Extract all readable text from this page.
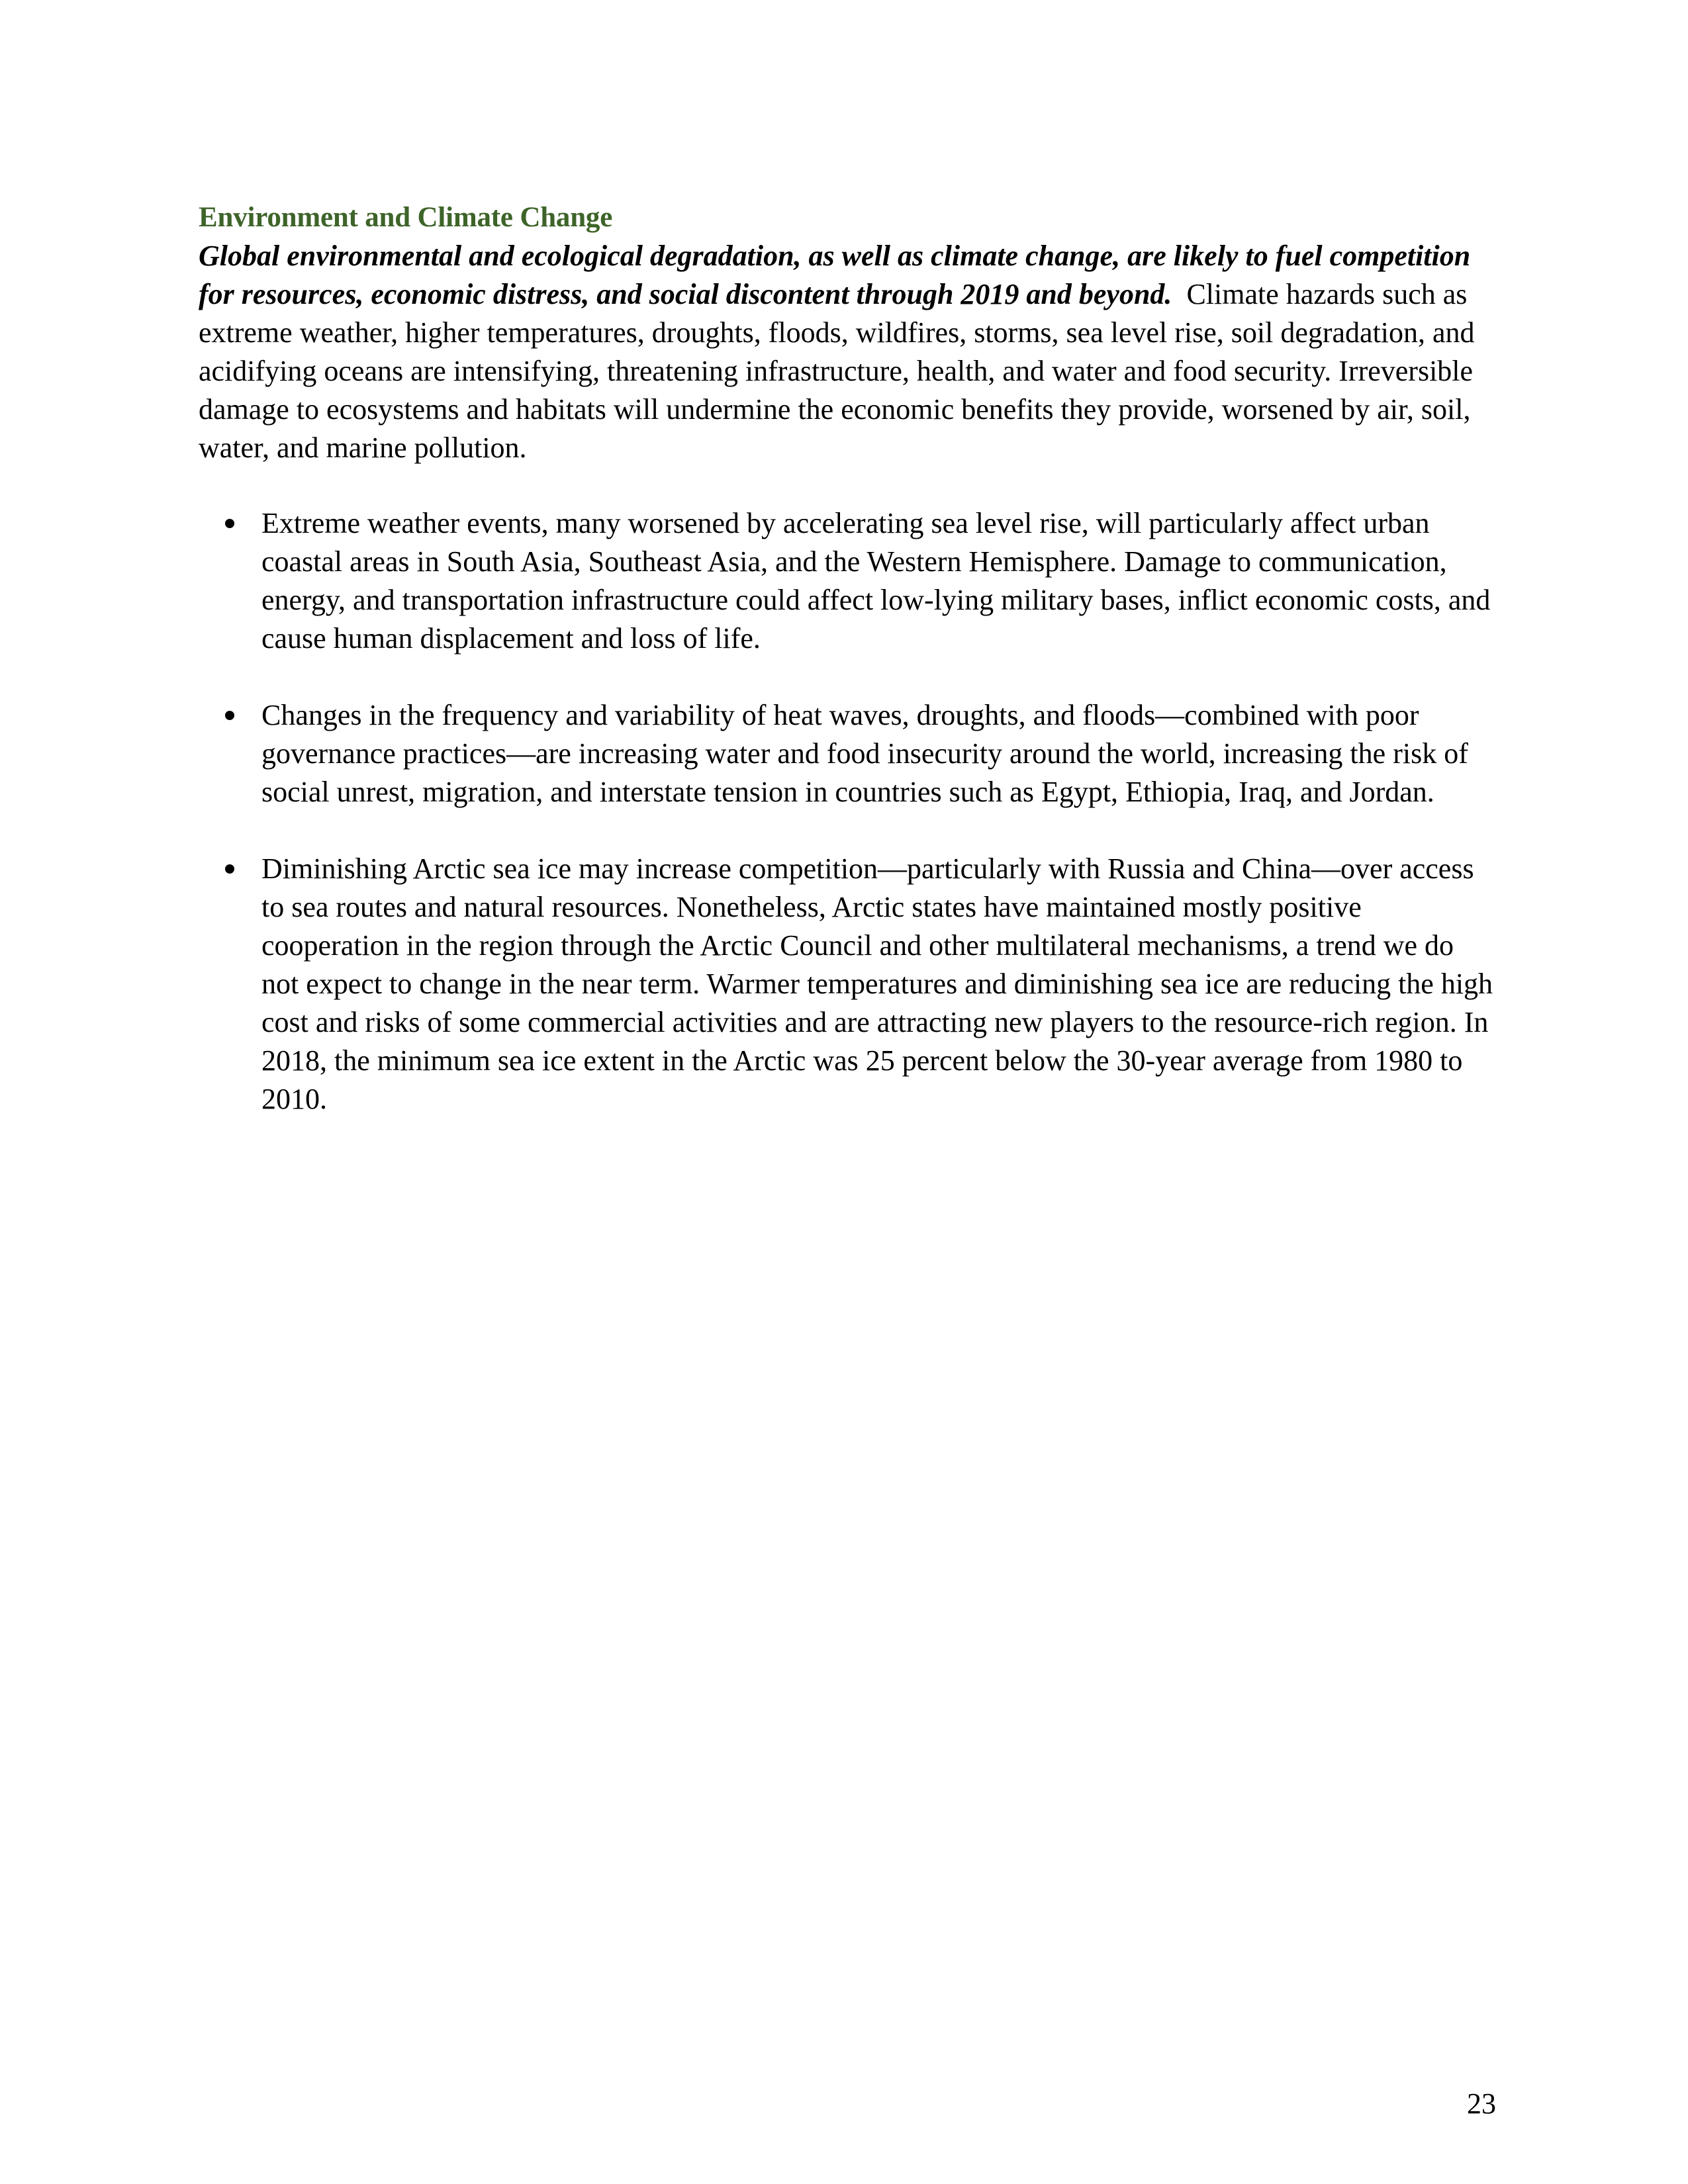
Environment and Climate Change

Global environmental and ecological degradation, as well as climate change, are likely to fuel competition for resources, economic distress, and social discontent through 2019 and beyond. Climate hazards such as extreme weather, higher temperatures, droughts, floods, wildfires, storms, sea level rise, soil degradation, and acidifying oceans are intensifying, threatening infrastructure, health, and water and food security. Irreversible damage to ecosystems and habitats will undermine the economic benefits they provide, worsened by air, soil, water, and marine pollution.

Extreme weather events, many worsened by accelerating sea level rise, will particularly affect urban coastal areas in South Asia, Southeast Asia, and the Western Hemisphere. Damage to communication, energy, and transportation infrastructure could affect low-lying military bases, inflict economic costs, and cause human displacement and loss of life.
Changes in the frequency and variability of heat waves, droughts, and floods—combined with poor governance practices—are increasing water and food insecurity around the world, increasing the risk of social unrest, migration, and interstate tension in countries such as Egypt, Ethiopia, Iraq, and Jordan.
Diminishing Arctic sea ice may increase competition—particularly with Russia and China—over access to sea routes and natural resources. Nonetheless, Arctic states have maintained mostly positive cooperation in the region through the Arctic Council and other multilateral mechanisms, a trend we do not expect to change in the near term. Warmer temperatures and diminishing sea ice are reducing the high cost and risks of some commercial activities and are attracting new players to the resource-rich region. In 2018, the minimum sea ice extent in the Arctic was 25 percent below the 30-year average from 1980 to 2010.
23
